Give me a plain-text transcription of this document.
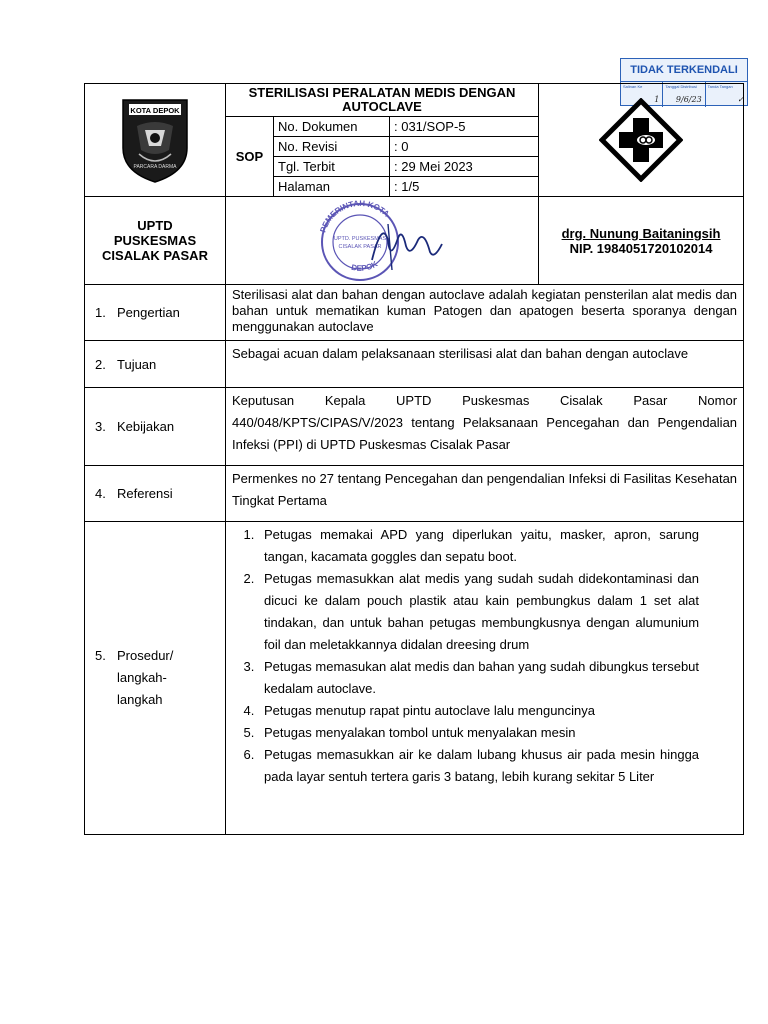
TIDAK TERKENDALI
Salinan Ke
1
Tanggal Distribusi
9/6/23
Tanda Tangan
✓
KOTA DEPOK
PARCARA DARMA
	STERILISASI PERALATAN MEDIS DENGAN AUTOCLAVE	

SOP	No. Dokumen	: 031/SOP-5
No. Revisi	: 0
Tgl. Terbit	: 29 Mei 2023
Halaman	: 1/5

UPTD
PUSKESMAS
CISALAK PASAR

PEMERINTAH KOTA
DEPOK
UPTD. PUSKESMAS
CISALAK PASAR

drg. Nunung Baitaningsih
NIP. 1984051720102014

1. Pengertian	Sterilisasi alat dan bahan dengan autoclave adalah kegiatan pensterilan alat medis dan bahan untuk mematikan kuman Patogen dan apatogen beserta sporanya dengan menggunakan autoclave
2. Tujuan	Sebagai acuan dalam pelaksanaan sterilisasi alat dan bahan dengan autoclave
3. Kebijakan	Keputusan Kepala UPTD Puskesmas Cisalak Pasar Nomor 440/048/KPTS/CIPAS/V/2023 tentang Pelaksanaan Pencegahan dan Pengendalian Infeksi (PPI) di UPTD Puskesmas Cisalak Pasar
4. Referensi	Permenkes no 27 tentang Pencegahan dan pengendalian Infeksi di Fasilitas Kesehatan Tingkat Pertama

5.	Prosedur/
langkah-
langkah

1. Petugas memakai APD yang diperlukan yaitu, masker, apron, sarung tangan, kacamata goggles dan sepatu boot.
2. Petugas memasukkan alat medis yang sudah sudah didekontaminasi dan dicuci ke dalam pouch plastik atau kain pembungkus dalam 1 set alat tindakan, dan untuk bahan petugas membungkusnya dengan alumunium foil dan meletakkannya didalan dreesing drum
3. Petugas memasukan alat medis dan bahan yang sudah dibungkus tersebut kedalam autoclave.
4. Petugas menutup rapat pintu autoclave lalu menguncinya
5. Petugas menyalakan tombol untuk menyalakan mesin
6. Petugas memasukkan air ke dalam lubang khusus air pada mesin hingga pada layar sentuh tertera garis 3 batang, lebih kurang sekitar 5 Liter
